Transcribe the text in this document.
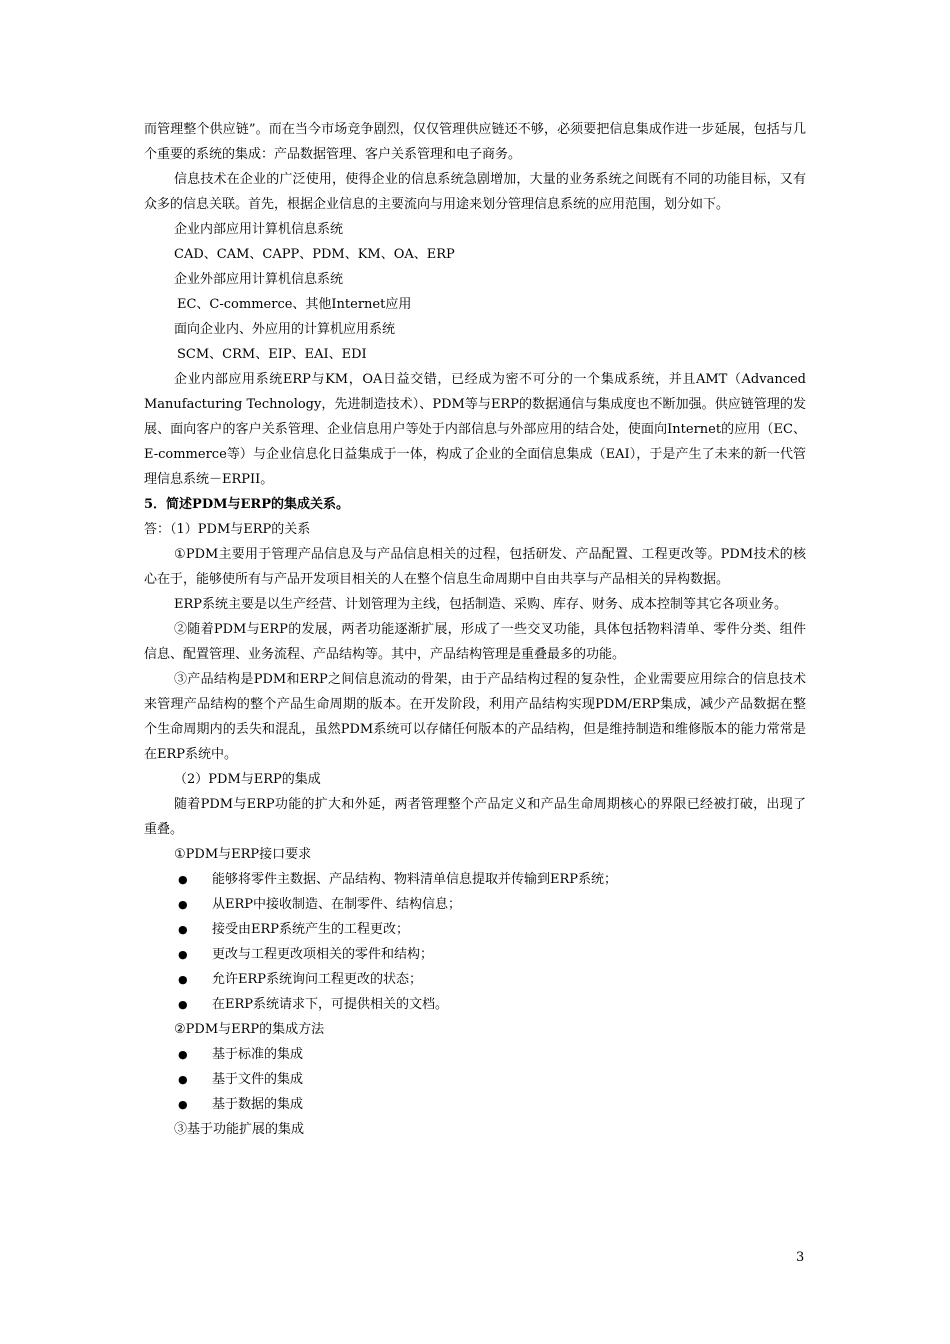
而管理整个供应链”。而在当今市场竞争剧烈，仅仅管理供应链还不够，必须要把信息集成作进一步延展，包括与几个重要的系统的集成：产品数据管理、客户关系管理和电子商务。

信息技术在企业的广泛使用，使得企业的信息系统急剧增加，大量的业务系统之间既有不同的功能目标，又有众多的信息关联。首先，根据企业信息的主要流向与用途来划分管理信息系统的应用范围，划分如下。

企业内部应用计算机信息系统

CAD、CAM、CAPP、PDM、KM、OA、ERP

企业外部应用计算机信息系统

EC、C-commerce、其他Internet应用

面向企业内、外应用的计算机应用系统

SCM、CRM、EIP、EAI、EDI

企业内部应用系统ERP与KM，OA日益交错，已经成为密不可分的一个集成系统，并且AMT（Advanced Manufacturing Technology，先进制造技术）、PDM等与ERP的数据通信与集成度也不断加强。供应链管理的发展、面向客户的客户关系管理、企业信息用户等处于内部信息与外部应用的结合处，使面向Internet的应用（EC、E-commerce等）与企业信息化日益集成于一体，构成了企业的全面信息集成（EAI），于是产生了未来的新一代管理信息系统－ERPII。

5．简述PDM与ERP的集成关系。

答：（1）PDM与ERP的关系

①PDM主要用于管理产品信息及与产品信息相关的过程，包括研发、产品配置、工程更改等。PDM技术的核心在于，能够使所有与产品开发项目相关的人在整个信息生命周期中自由共享与产品相关的异构数据。

ERP系统主要是以生产经营、计划管理为主线，包括制造、采购、库存、财务、成本控制等其它各项业务。

②随着PDM与ERP的发展，两者功能逐渐扩展，形成了一些交叉功能，具体包括物料清单、零件分类、组件信息、配置管理、业务流程、产品结构等。其中，产品结构管理是重叠最多的功能。

③产品结构是PDM和ERP之间信息流动的骨架，由于产品结构过程的复杂性，企业需要应用综合的信息技术来管理产品结构的整个产品生命周期的版本。在开发阶段，利用产品结构实现PDM/ERP集成，减少产品数据在整个生命周期内的丢失和混乱，虽然PDM系统可以存储任何版本的产品结构，但是维持制造和维修版本的能力常常是在ERP系统中。

（2）PDM与ERP的集成

随着PDM与ERP功能的扩大和外延，两者管理整个产品定义和产品生命周期核心的界限已经被打破，出现了重叠。

①PDM与ERP接口要求

● 能够将零件主数据、产品结构、物料清单信息提取并传输到ERP系统；
● 从ERP中接收制造、在制零件、结构信息；
● 接受由ERP系统产生的工程更改；
● 更改与工程更改项相关的零件和结构；
● 允许ERP系统询问工程更改的状态；
● 在ERP系统请求下，可提供相关的文档。

②PDM与ERP的集成方法

● 基于标准的集成
● 基于文件的集成
● 基于数据的集成

③基于功能扩展的集成

3
